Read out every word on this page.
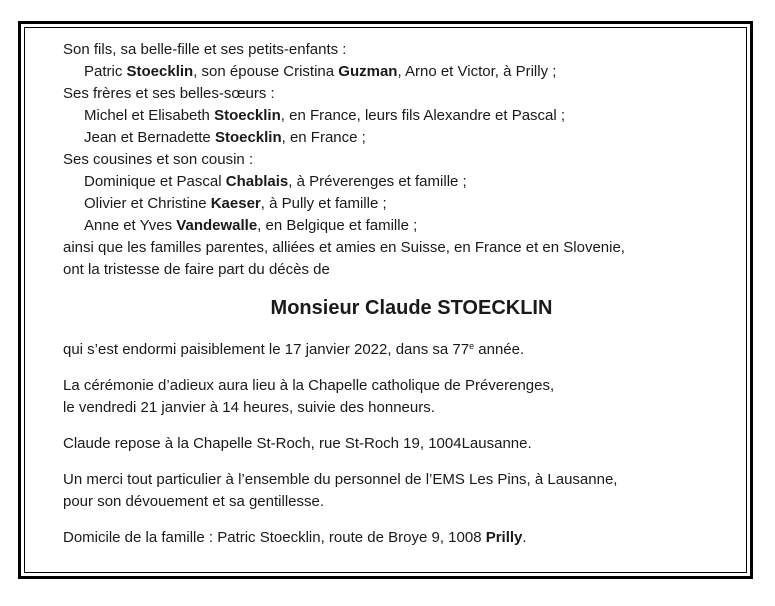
Son fils, sa belle-fille et ses petits-enfants :
Patric Stoecklin, son épouse Cristina Guzman, Arno et Victor, à Prilly ;
Ses frères et ses belles-sœurs :
Michel et Elisabeth Stoecklin, en France, leurs fils Alexandre et Pascal ;
Jean et Bernadette Stoecklin, en France ;
Ses cousines et son cousin :
Dominique et Pascal Chablais, à Préverenges et famille ;
Olivier et Christine Kaeser, à Pully et famille ;
Anne et Yves Vandewalle, en Belgique et famille ;
ainsi que les familles parentes, alliées et amies en Suisse, en France et en Slovenie,
ont la tristesse de faire part du décès de
Monsieur Claude STOECKLIN
qui s’est endormi paisiblement le 17 janvier 2022, dans sa 77e année.
La cérémonie d’adieux aura lieu à la Chapelle catholique de Préverenges,
le vendredi 21 janvier à 14 heures, suivie des honneurs.
Claude repose à la Chapelle St-Roch, rue St-Roch 19, 1004Lausanne.
Un merci tout particulier à l’ensemble du personnel de l’EMS Les Pins, à Lausanne,
pour son dévouement et sa gentillesse.
Domicile de la famille : Patric Stoecklin, route de Broye 9, 1008 Prilly.
